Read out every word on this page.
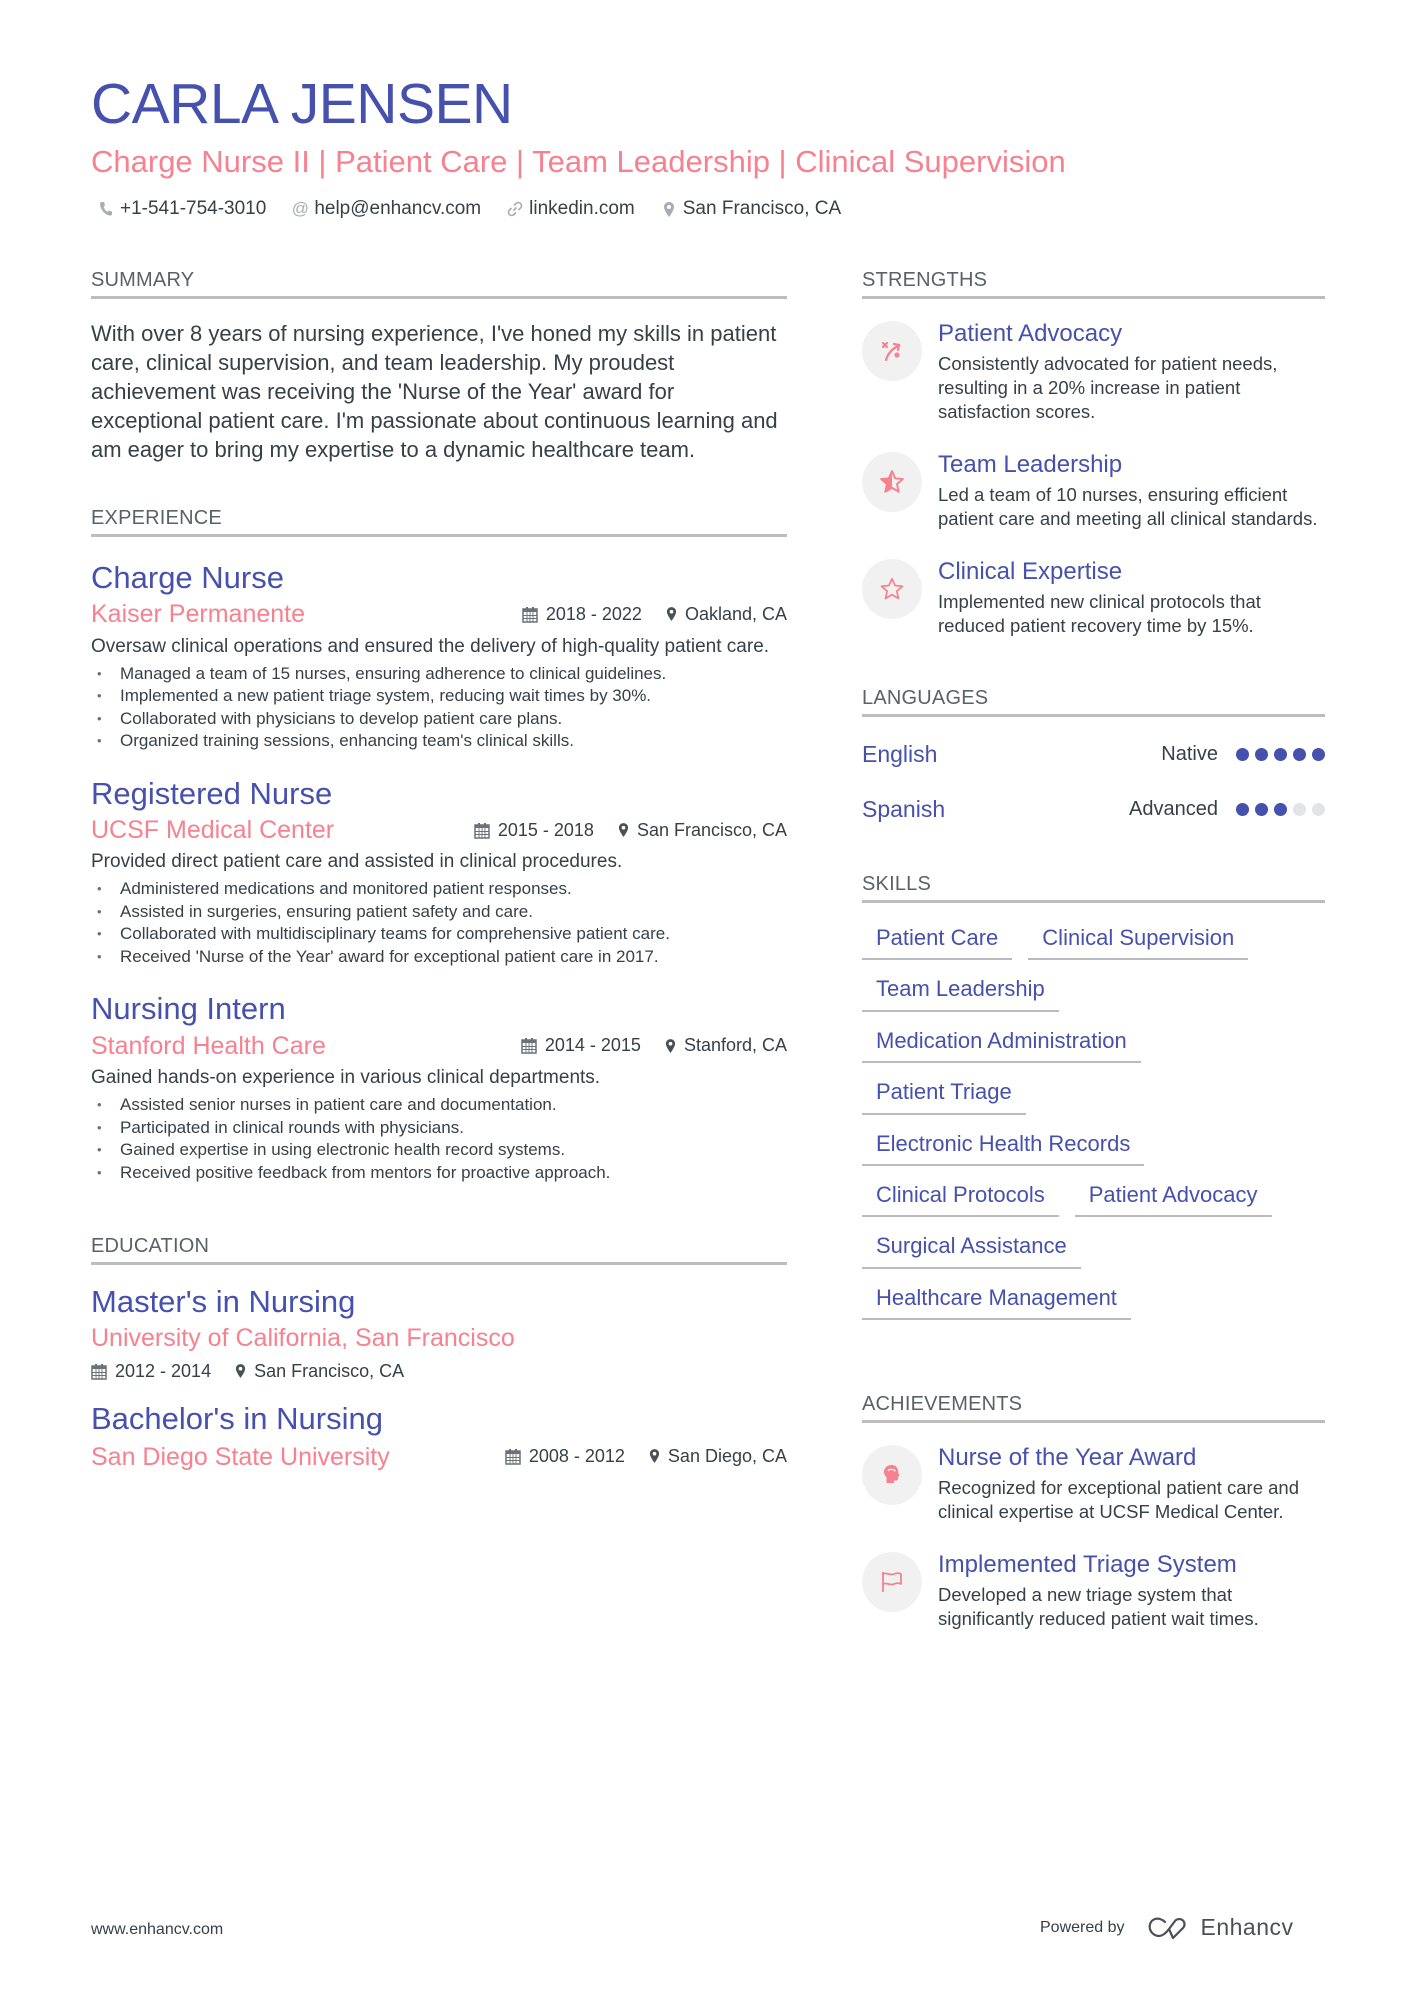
CARLA JENSEN
Charge Nurse II | Patient Care | Team Leadership | Clinical Supervision
+1-541-754-3010 @ help@enhancv.com	linkedin.com	San Francisco, CA
SUMMARY
With over 8 years of nursing experience, I've honed my skills in patient care, clinical supervision, and team leadership. My proudest achievement was receiving the 'Nurse of the Year' award for exceptional patient care. I'm passionate about continuous learning and am eager to bring my expertise to a dynamic healthcare team.
EXPERIENCE
Charge Nurse
Kaiser Permanente	2018 - 2022 Oakland, CA
Oversaw clinical operations and ensured the delivery of high-quality patient care.
• Managed a team of 15 nurses, ensuring adherence to clinical guidelines.
• Implemented a new patient triage system, reducing wait times by 30%.
• Collaborated with physicians to develop patient care plans.
• Organized training sessions, enhancing team's clinical skills.
Registered Nurse
UCSF Medical Center	2015 - 2018 San Francisco, CA
Provided direct patient care and assisted in clinical procedures.
• Administered medications and monitored patient responses.
• Assisted in surgeries, ensuring patient safety and care.
• Collaborated with multidisciplinary teams for comprehensive patient care.
• Received 'Nurse of the Year' award for exceptional patient care in 2017.
Nursing Intern
Stanford Health Care	2014 - 2015 Stanford, CA
Gained hands-on experience in various clinical departments.
• Assisted senior nurses in patient care and documentation.
• Participated in clinical rounds with physicians.
• Gained expertise in using electronic health record systems.
• Received positive feedback from mentors for proactive approach.
EDUCATION
Master's in Nursing
University of California, San Francisco
2012 - 2014 San Francisco, CA
Bachelor's in Nursing
San Diego State University	2008 - 2012 San Diego, CA
STRENGTHS
Patient Advocacy
Consistently advocated for patient needs, resulting in a 20% increase in patient satisfaction scores.
Team Leadership
Led a team of 10 nurses, ensuring efficient patient care and meeting all clinical standards.
Clinical Expertise
Implemented new clinical protocols that reduced patient recovery time by 15%.
LANGUAGES
English	Native
Spanish	Advanced
SKILLS
Patient Care	Clinical Supervision
Team Leadership
Medication Administration
Patient Triage
Electronic Health Records
Clinical Protocols	Patient Advocacy
Surgical Assistance
Healthcare Management
ACHIEVEMENTS
Nurse of the Year Award
Recognized for exceptional patient care and clinical expertise at UCSF Medical Center.
Implemented Triage System
Developed a new triage system that significantly reduced patient wait times.
www.enhancv.com	Powered by	Enhancv
